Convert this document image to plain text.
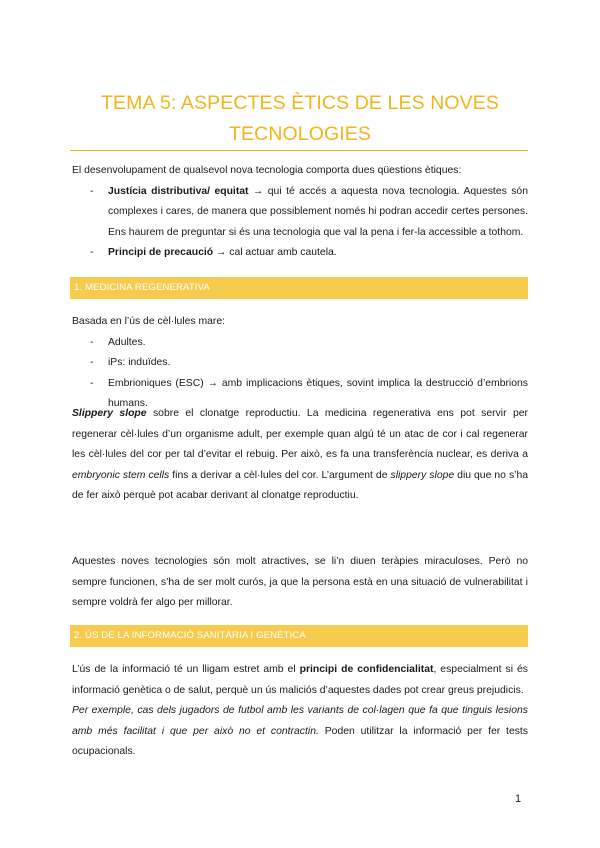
TEMA 5: ASPECTES ÈTICS DE LES NOVES
TECNOLOGIES
El desenvolupament de qualsevol nova tecnologia comporta dues qüestions ètiques:
- Justícia distributiva/ equitat → qui té accés a aquesta nova tecnologia. Aquestes són complexes i cares, de manera que possiblement només hi podran accedir certes persones. Ens haurem de preguntar si és una tecnologia que val la pena i fer-la accessible a tothom.
- Principi de precaució → cal actuar amb cautela.
1. MEDICINA REGENERATIVA
Basada en l’ús de cèl·lules mare:
- Adultes.
- iPs: induïdes.
- Embrioniques (ESC) → amb implicacions ètiques, sovint implica la destrucció d’embrions humans.
Slippery slope sobre el clonatge reproductiu. La medicina regenerativa ens pot servir per regenerar cèl·lules d’un organisme adult, per exemple quan algú té un atac de cor i cal regenerar les cèl·lules del cor per tal d’evitar el rebuig. Per això, es fa una transferència nuclear, es deriva a embryonic stem cells fins a derivar a cèl·lules del cor. L’argument de slippery slope diu que no s’ha de fer això perquè pot acabar derivant al clonatge reproductiu.
Aquestes noves tecnologies són molt atractives, se li’n diuen teràpies miraculoses. Però no sempre funcionen, s’ha de ser molt curós, ja que la persona està en una situació de vulnerabilitat i sempre voldrà fer algo per millorar.
2. ÚS DE LA INFORMACIÓ SANITÀRIA I GENÈTICA
L’ús de la informació té un lligam estret amb el principi de confidencialitat, especialment si és informació genètica o de salut, perquè un ús maliciós d’aquestes dades pot crear greus prejudicis.
Per exemple, cas dels jugadors de futbol amb les variants de col·lagen que fa que tinguis lesions amb més facilitat i que per això no et contractin. Poden utilitzar la informació per fer tests ocupacionals.
1
